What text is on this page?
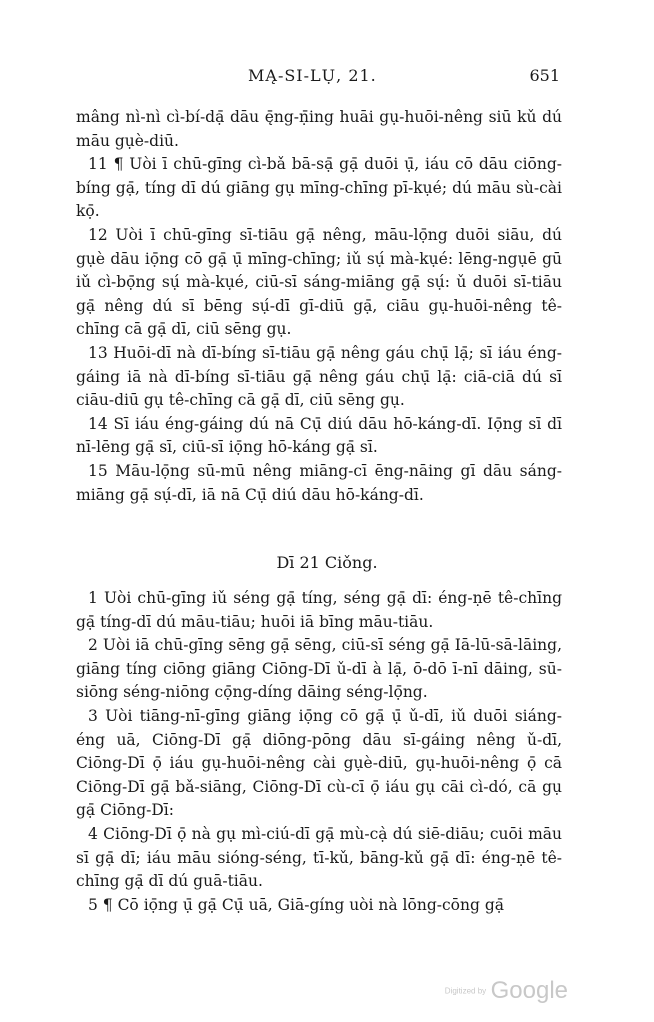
MĄ-SI-LỤ, 21.	651

mâng nì-nì cì-bí-dạ̄ dāu ę̄ng-ṇ̄ing huāi gụ-huōi-nêng siū kǔ dú māu gụè-diū.

11 ¶ Uòi ī chū-gīng cì-bǎ bā-sạ̄ gạ̄ duōi ụ̄, iáu cō dāu ciōng-bíng gạ̄, tíng dī dú giāng gụ mīng-chīng pī-kụé; dú māu sù-cài kọ̄.

12 Uòi ī chū-gīng sī-tiāu gạ̄ nêng, māu-lọ̄ng duōi siāu, dú gụè dāu iọ̄ng cō gạ̄ ụ̄ mīng-chīng; iǔ sụ́ mà-kụé: lēng-ngụē gū iǔ cì-bọ̄ng sụ́ mà-kụé, ciū-sī sáng-miāng gạ̄ sụ́: ǔ duōi sī-tiāu gạ̄ nêng dú sī bēng sụ́-dī gī-diū gạ̄, ciāu gụ-huōi-nêng tê-chīng cā gạ̄ dī, ciū sēng gụ.

13 Huōi-dī nà dī-bíng sī-tiāu gạ̄ nêng gáu chụ̄ lạ̄; sī iáu éng-gáing iā nà dī-bíng sī-tiāu gạ̄ nêng gáu chụ̄ lạ̄: ciā-ciā dú sī ciāu-diū gụ tê-chīng cā gạ̄ dī, ciū sēng gụ.

14 Sī iáu éng-gáing dú nā Cụ̄ diú dāu hō-káng-dī. Iọ̄ng sī dī nī-lēng gạ̄ sī, ciū-sī iọ̄ng hō-káng gạ̄ sī.

15 Māu-lọ̄ng sū-mū nêng miāng-cī ēng-nāing gī dāu sáng-miāng gạ̄ sụ́-dī, iā nā Cụ̄ diú dāu hō-káng-dī.

Dī 21 Ciǒng.

1 Uòi chū-gīng iǔ séng gạ̄ tíng, séng gạ̄ dī: éng-ṇē tê-chīng gạ̄ tíng-dī dú māu-tiāu; huōi iā bīng māu-tiāu.

2 Uòi iā chū-gīng sēng gạ̄ sēng, ciū-sī séng gạ̄ Iā-lū-sā-lāing, giāng tíng ciōng giāng Ciōng-Dī ǔ-dī à lạ̄, ō-dō ī-nī dāing, sū-siōng séng-niōng cọ̄ng-díng dāing séng-lọ̄ng.

3 Uòi tiāng-nī-gīng giāng iọ̄ng cō gạ̄ ụ̄ ǔ-dī, iǔ duōi siáng-éng uā, Ciōng-Dī gạ̄ diōng-pōng dāu sī-gáing nêng ǔ-dī, Ciōng-Dī ọ̄ iáu gụ-huōi-nêng cài gụè-diū, gụ-huōi-nêng ọ̄ cā Ciōng-Dī gạ̄ bǎ-siāng, Ciōng-Dī cù-cī ọ̄ iáu gụ cāi cì-dó, cā gụ gạ̄ Ciōng-Dī:

4 Ciōng-Dī ọ̄ nà gụ mì-ciú-dī gạ̄ mù-cạ̀ dú siē-diāu; cuōi māu sī gạ̄ dī; iáu māu sióng-séng, tī-kǔ, bāng-kǔ gạ̄ dī: éng-ṇē tê-chīng gạ̄ dī dú guā-tiāu.

5 ¶ Cō iọ̄ng ụ̄ gạ̄ Cụ̄ uā, Giā-gíng uòi nà lōng-cōng gạ̄

Digitized by Google
